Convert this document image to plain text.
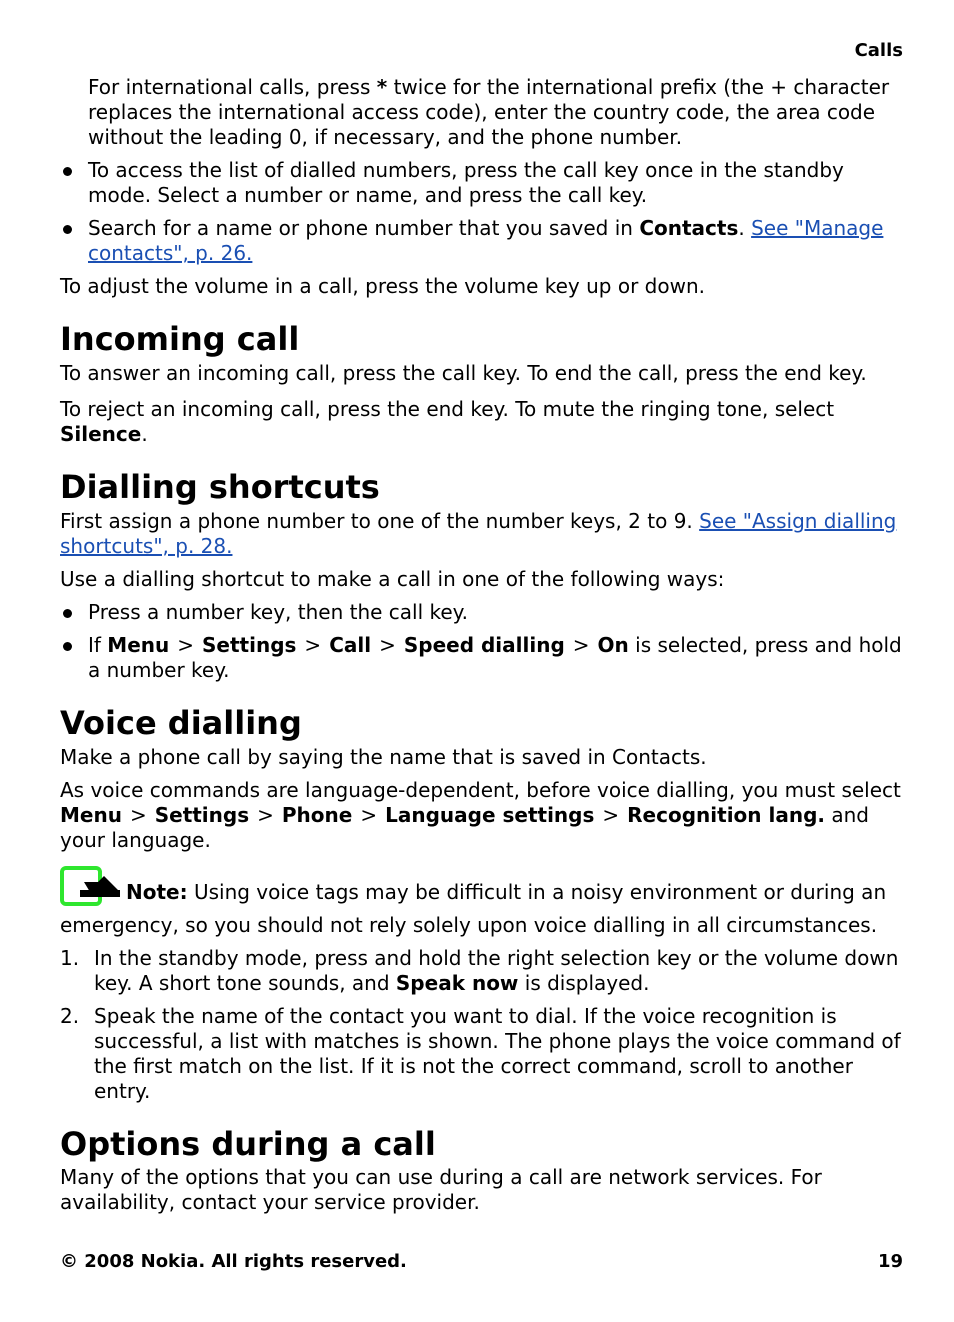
Calls

For international calls, press * twice for the international prefix (the + character replaces the international access code), enter the country code, the area code without the leading 0, if necessary, and the phone number.

To access the list of dialled numbers, press the call key once in the standby mode. Select a number or name, and press the call key.
Search for a name or phone number that you saved in Contacts. See "Manage contacts", p. 26.

To adjust the volume in a call, press the volume key up or down.

Incoming call

To answer an incoming call, press the call key. To end the call, press the end key.

To reject an incoming call, press the end key. To mute the ringing tone, select Silence.

Dialling shortcuts

First assign a phone number to one of the number keys, 2 to 9. See "Assign dialling shortcuts", p. 28.

Use a dialling shortcut to make a call in one of the following ways:

Press a number key, then the call key.
If Menu > Settings > Call > Speed dialling > On is selected, press and hold a number key.
Voice dialling

Make a phone call by saying the name that is saved in Contacts.

As voice commands are language-dependent, before voice dialling, you must select Menu > Settings > Phone > Language settings > Recognition lang. and your language.

Note: Using voice tags may be difficult in a noisy environment or during an emergency, so you should not rely solely upon voice dialling in all circumstances.

1. In the standby mode, press and hold the right selection key or the volume down key. A short tone sounds, and Speak now is displayed.
2. Speak the name of the contact you want to dial. If the voice recognition is successful, a list with matches is shown. The phone plays the voice command of the first match on the list. If it is not the correct command, scroll to another entry.
Options during a call

Many of the options that you can use during a call are network services. For availability, contact your service provider.

© 2008 Nokia. All rights reserved.	19
